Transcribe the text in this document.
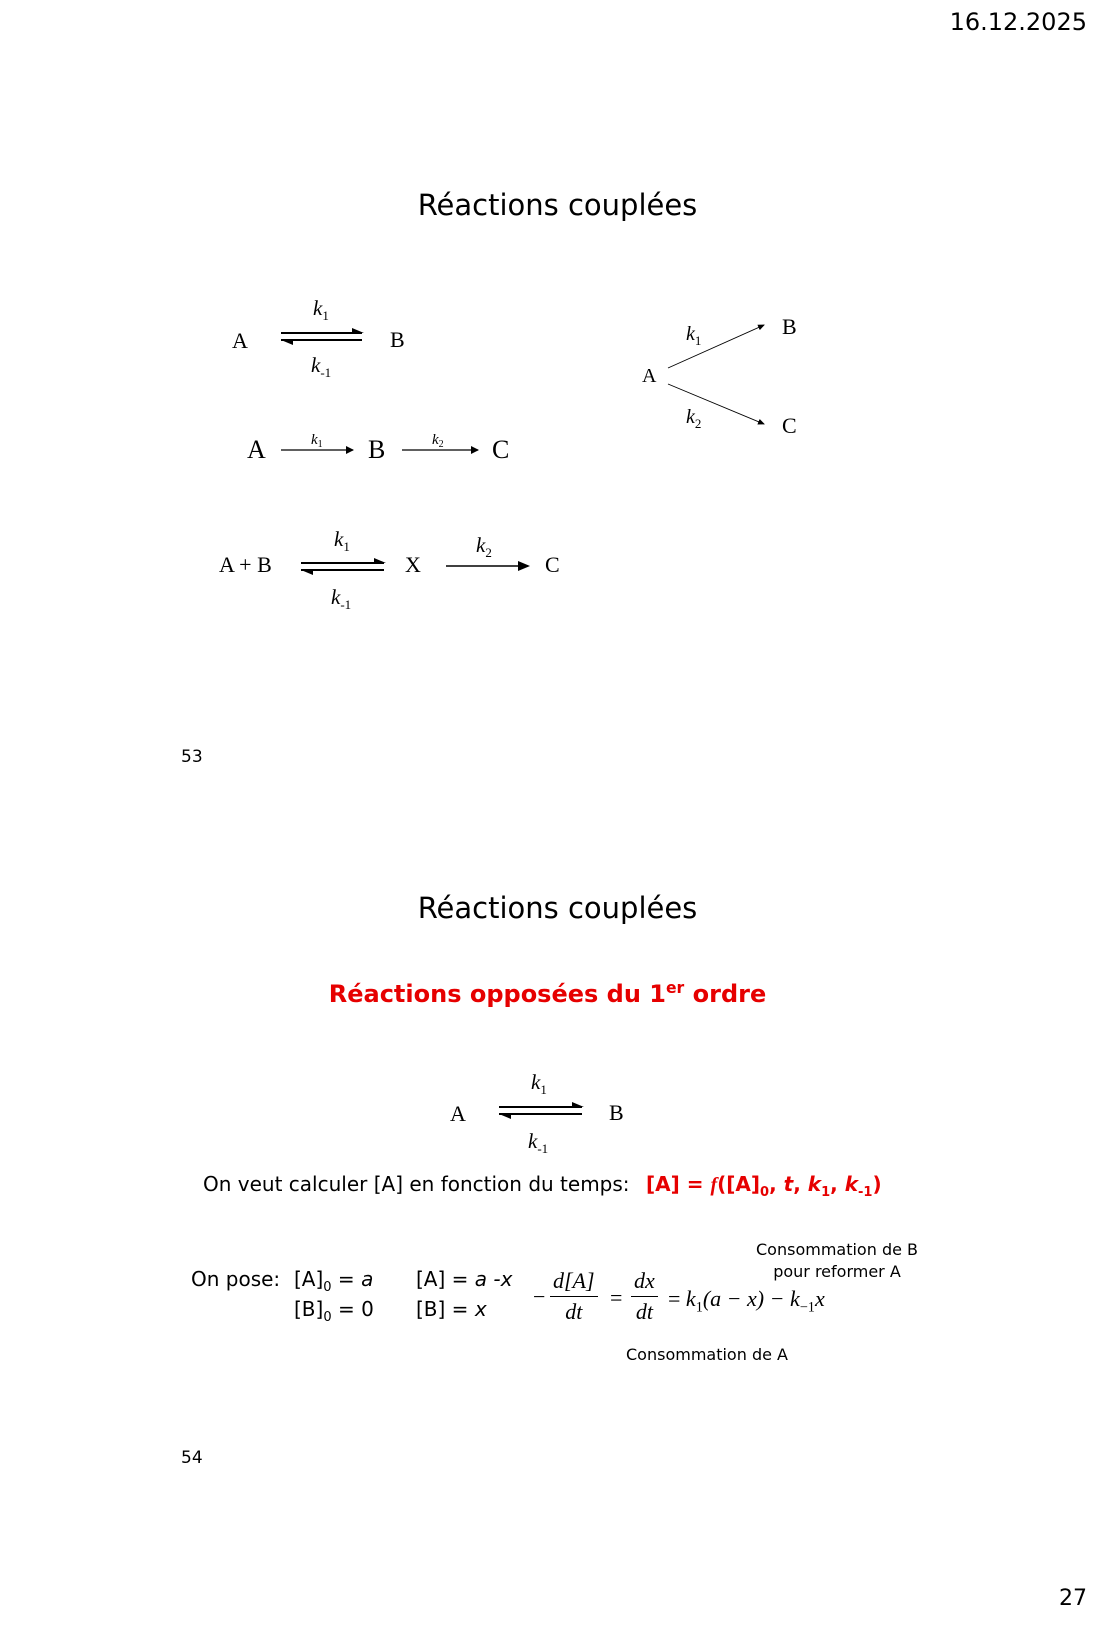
16.12.2025
27
Réactions couplées
A	B
$k_1$
$k_{-1}$
A	B	C
$k_1$	$k_2$
A + B	X	C
$k_1$
$k_{-1}$
$k_2$
A
B
C
$k_1$
$k_2$
A	B
$k_1$
$k_{-1}$
53
Réactions couplées
Réactions opposées du 1er ordre
On veut calculer [A] en fonction du temps: $[A] = f([A]_0$, t, $k_1$, $k_{-1}$)
On pose: $[A]_0 = a$
$[B]_0 = 0$
[A] = a -x
$[B] = x - \frac{d[A]}{dt} = \frac{dx}{dt} = k_1(a - x) - k_{-1}x$
Consommation de B
pour reformer A
Consommation de A
54
